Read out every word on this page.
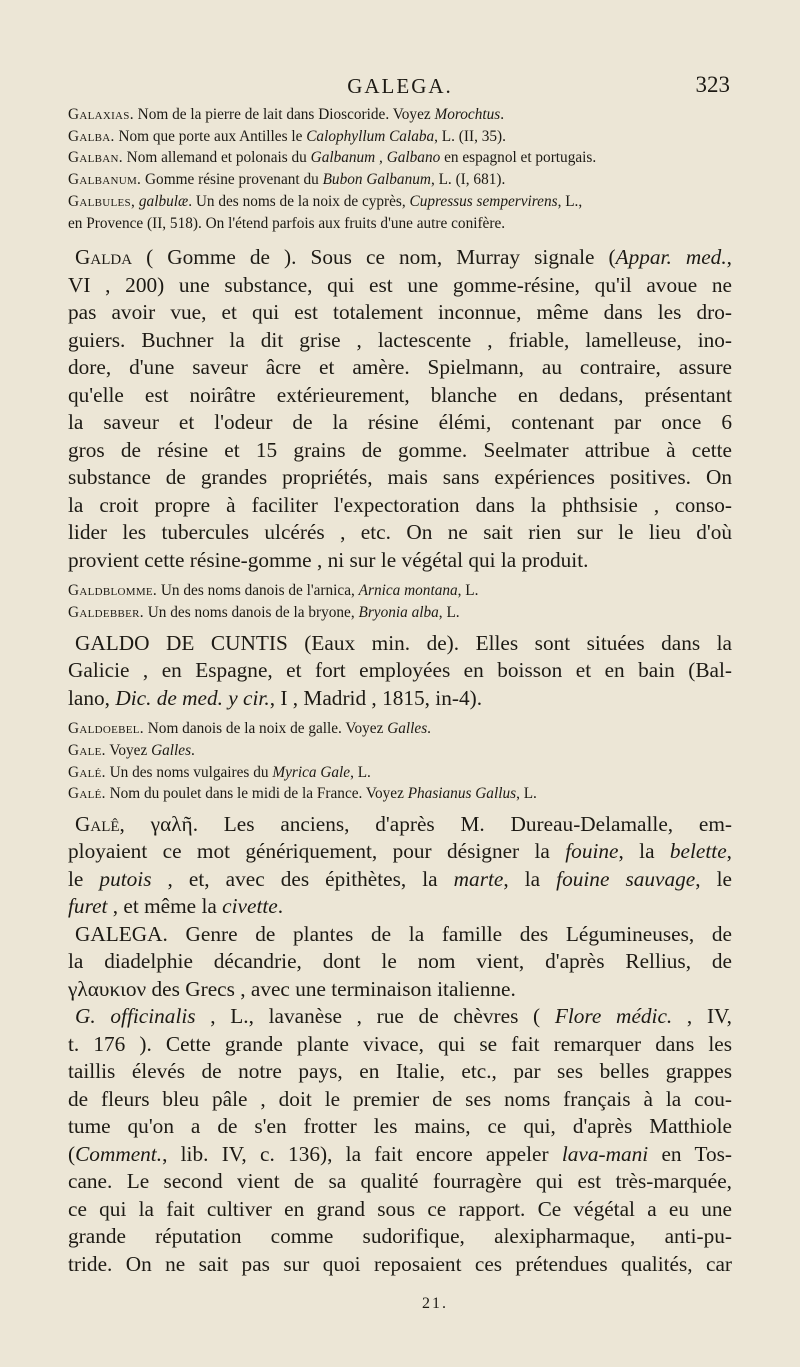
GALEGA.	323
Galaxias. Nom de la pierre de lait dans Dioscoride. Voyez Morochtus.
Galba. Nom que porte aux Antilles le Calophyllum Calaba, L. (II, 35).
Galban. Nom allemand et polonais du Galbanum , Galbano en espagnol et portugais.
Galbanum. Gomme résine provenant du Bubon Galbanum, L. (I, 681).
Galbules, galbulæ. Un des noms de la noix de cyprès, Cupressus sempervirens, L.,
en Provence (II, 518). On l'étend parfois aux fruits d'une autre conifère.
Galda ( Gomme de ). Sous ce nom, Murray signale (Appar. med.,
VI , 200) une substance, qui est une gomme-résine, qu'il avoue ne
pas avoir vue, et qui est totalement inconnue, même dans les dro-
guiers. Buchner la dit grise , lactescente , friable, lamelleuse, ino-
dore, d'une saveur âcre et amère. Spielmann, au contraire, assure
qu'elle est noirâtre extérieurement, blanche en dedans, présentant
la saveur et l'odeur de la résine élémi, contenant par once 6
gros de résine et 15 grains de gomme. Seelmater attribue à cette
substance de grandes propriétés, mais sans expériences positives. On
la croit propre à faciliter l'expectoration dans la phthsisie , conso-
lider les tubercules ulcérés , etc. On ne sait rien sur le lieu d'où
provient cette résine-gomme , ni sur le végétal qui la produit.
Galdblomme. Un des noms danois de l'arnica, Arnica montana, L.
Galdebber. Un des noms danois de la bryone, Bryonia alba, L.
GALDO DE CUNTIS (Eaux min. de). Elles sont situées dans la
Galicie , en Espagne, et fort employées en boisson et en bain (Bal-
lano, Dic. de med. y cir., I , Madrid , 1815, in-4).
Galdoebel. Nom danois de la noix de galle. Voyez Galles.
Gale. Voyez Galles.
Galé. Un des noms vulgaires du Myrica Gale, L.
Galé. Nom du poulet dans le midi de la France. Voyez Phasianus Gallus, L.
Galê, γαλῆ. Les anciens, d'après M. Dureau-Delamalle, em-
ployaient ce mot génériquement, pour désigner la fouine, la belette,
le putois , et, avec des épithètes, la marte, la fouine sauvage, le
furet , et même la civette.
GALEGA. Genre de plantes de la famille des Légumineuses, de
la diadelphie décandrie, dont le nom vient, d'après Rellius, de
γλαυκιον des Grecs , avec une terminaison italienne.
G. officinalis , L., lavanèse , rue de chèvres ( Flore médic. , IV,
t. 176 ). Cette grande plante vivace, qui se fait remarquer dans les
taillis élevés de notre pays, en Italie, etc., par ses belles grappes
de fleurs bleu pâle , doit le premier de ses noms français à la cou-
tume qu'on a de s'en frotter les mains, ce qui, d'après Matthiole
(Comment., lib. IV, c. 136), la fait encore appeler lava-mani en Tos-
cane. Le second vient de sa qualité fourragère qui est très-marquée,
ce qui la fait cultiver en grand sous ce rapport. Ce végétal a eu une
grande réputation comme sudorifique, alexipharmaque, anti-pu-
tride. On ne sait pas sur quoi reposaient ces prétendues qualités, car
21.
